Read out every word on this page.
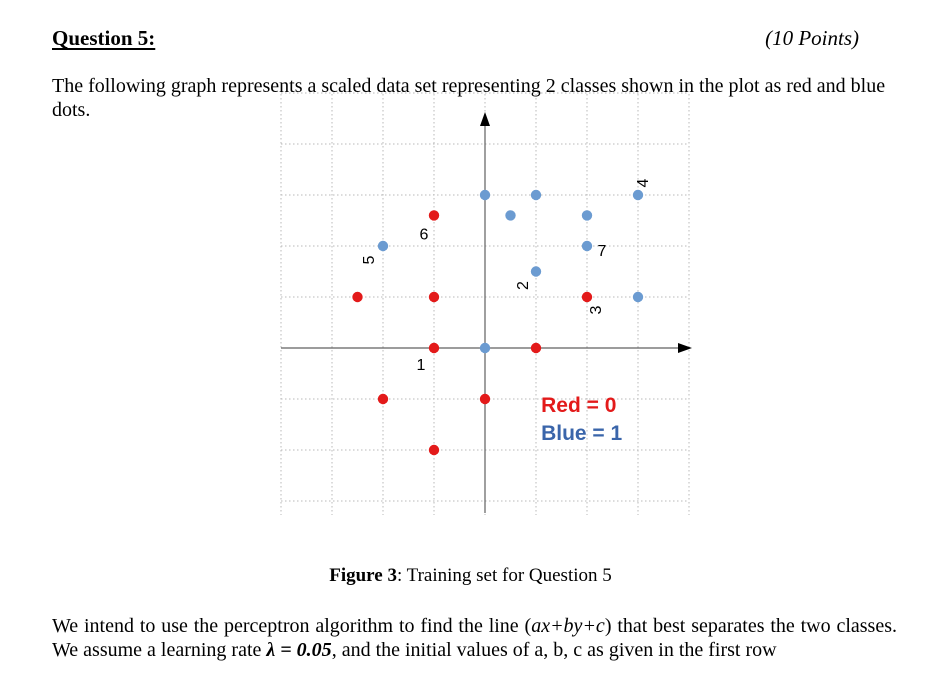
Question 5:	(10 Points)

The following graph represents a scaled data set representing 2 classes shown in the plot as red and blue dots.

1
3
5	7
2
4
6
Red = 0
Blue = 1
Figure 3: Training set for Question 5

We intend to use the perceptron algorithm to find the line (ax+by+c) that best separates the two classes. We assume a learning rate λ = 0.05, and the initial values of a, b, c as given in the first row
